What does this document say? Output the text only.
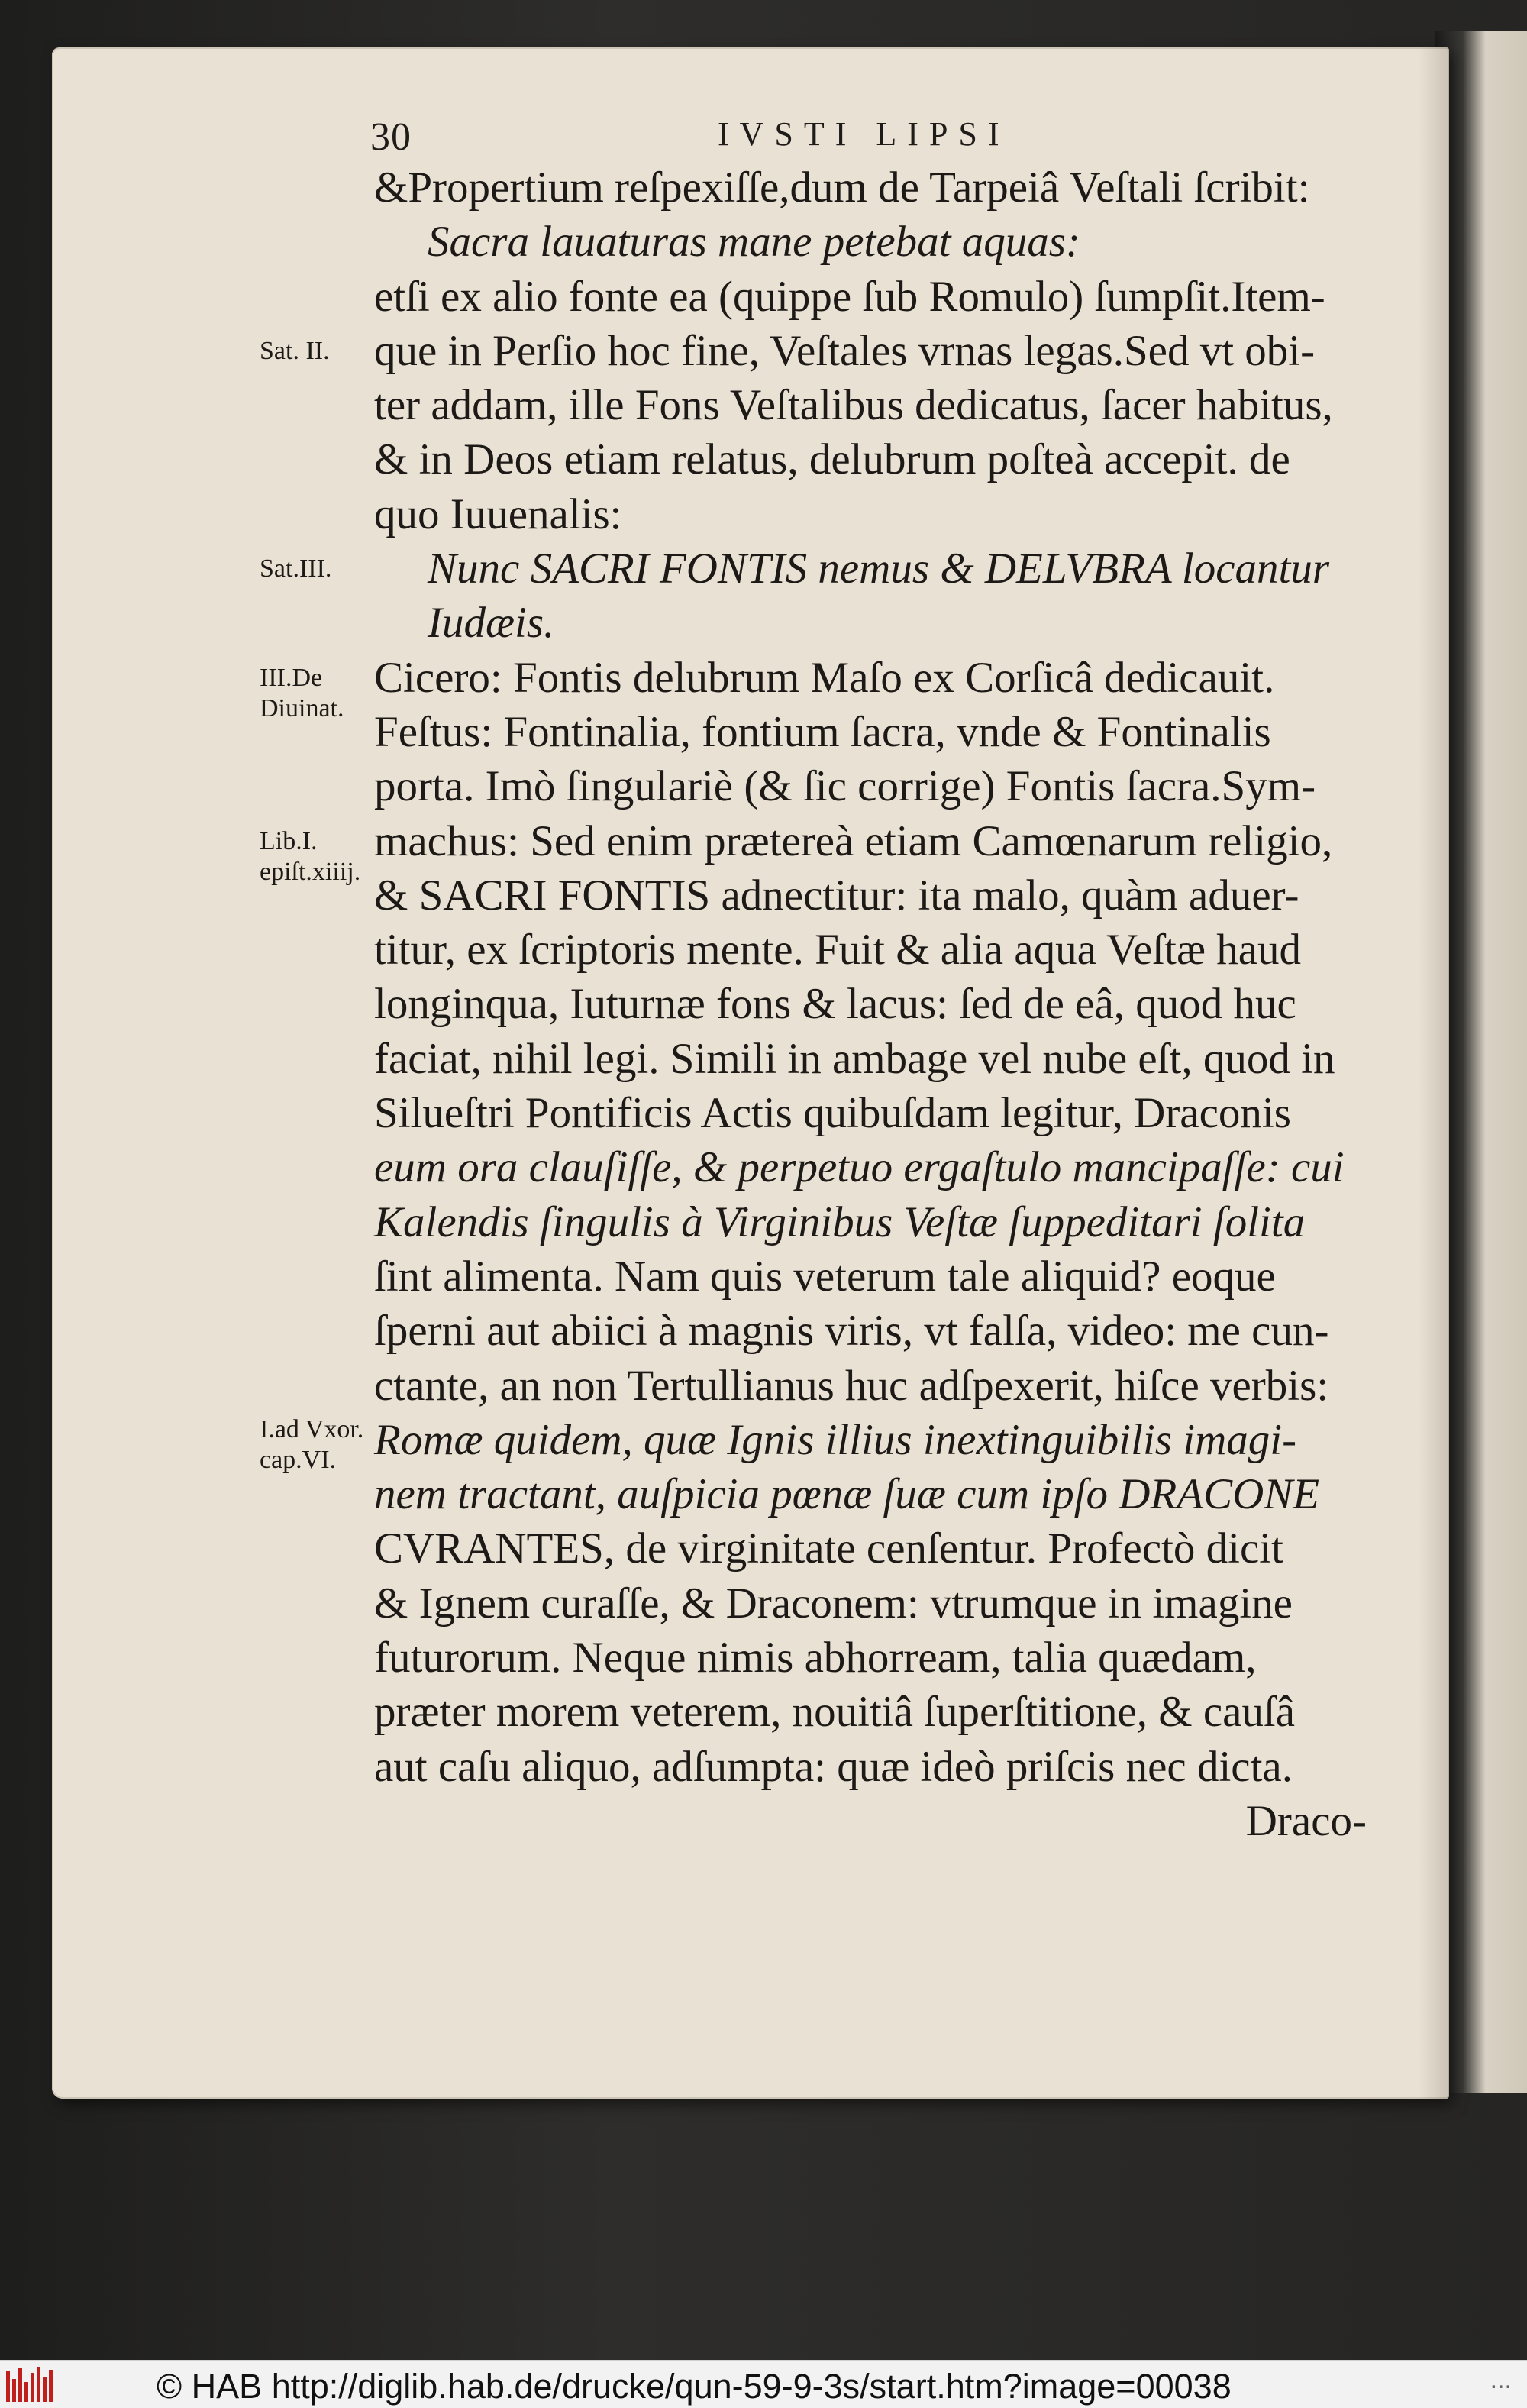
30	IVSTI LIPSI
&Propertium reſpexiſſe,dum de Tarpeiâ Veſtali ſcribit:
Sacra lauaturas mane petebat aquas:
etſi ex alio fonte ea (quippe ſub Romulo) ſumpſit.Item-
que in Perſio hoc fine, Veſtales vrnas legas.Sed vt obi-
ter addam, ille Fons Veſtalibus dedicatus, ſacer habitus,
& in Deos etiam relatus, delubrum poſteà accepit. de
quo Iuuenalis:
Nunc SACRI FONTIS nemus & DELVBRA locantur
Iudæis.
Cicero: Fontis delubrum Maſo ex Corſicâ dedicauit.
Feſtus: Fontinalia, fontium ſacra, vnde & Fontinalis
porta. Imò ſingulariè (& ſic corrige) Fontis ſacra.Sym-
machus: Sed enim prætereà etiam Camœnarum religio,
& SACRI FONTIS adnectitur: ita malo, quàm aduer-
titur, ex ſcriptoris mente. Fuit & alia aqua Veſtæ haud
longinqua, Iuturnæ fons & lacus: ſed de eâ, quod huc
faciat, nihil legi. Simili in ambage vel nube eſt, quod in
Silueſtri Pontificis Actis quibuſdam legitur, Draconis
eum ora clauſiſſe, & perpetuo ergaſtulo mancipaſſe: cui
Kalendis ſingulis à Virginibus Veſtæ ſuppeditari ſolita
ſint alimenta. Nam quis veterum tale aliquid? eoque
ſperni aut abiici à magnis viris, vt falſa, video: me cun-
ctante, an non Tertullianus huc adſpexerit, hiſce verbis:
Romæ quidem, quæ Ignis illius inextinguibilis imagi-
nem tractant, auſpicia pœnæ ſuæ cum ipſo DRACONE
CVRANTES, de virginitate cenſentur. Profectò dicit
& Ignem curaſſe, & Draconem: vtrumque in imagine
futurorum. Neque nimis abhorream, talia quædam,
præter morem veterem, nouitiâ ſuperſtitione, & cauſâ
aut caſu aliquo, adſumpta: quæ ideò priſcis nec dicta.
Draco-
Sat. II.
Sat.III.
III.De Diuinat.
Lib.I. epiſt.xiiij.
I.ad Vxor. cap.VI.
© HAB http://diglib.hab.de/drucke/qun-59-9-3s/start.htm?image=00038	...
